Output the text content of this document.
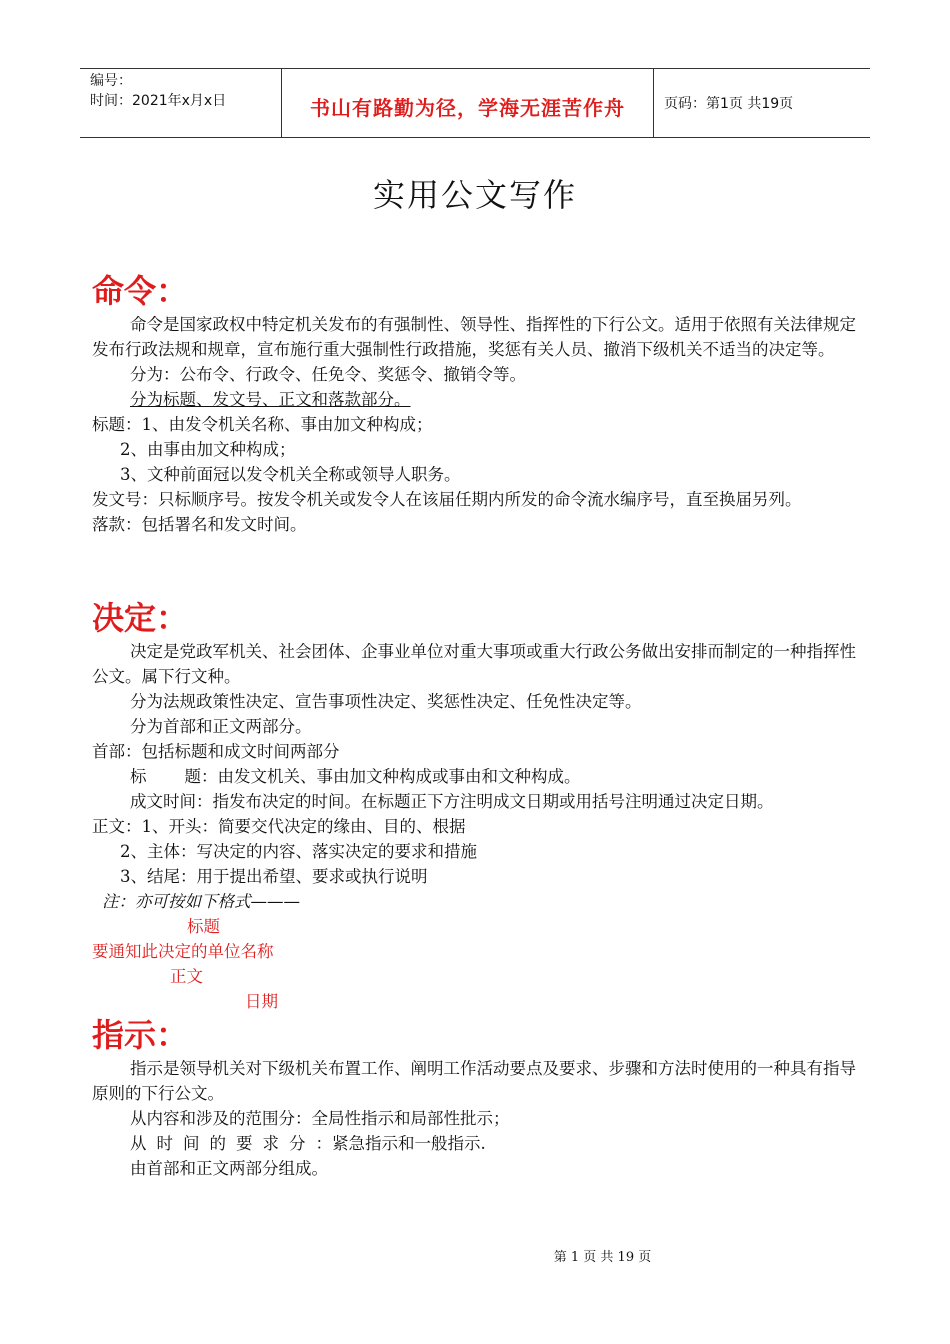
编号：
时间：2021年x月x日	书山有路勤为径，学海无涯苦作舟	页码：第1页 共19页
实用公文写作
命令：

命令是国家政权中特定机关发布的有强制性、领导性、指挥性的下行公文。适用于依照有关法律规定发布行政法规和规章，宣布施行重大强制性行政措施，奖惩有关人员、撤消下级机关不适当的决定等。

分为：公布令、行政令、任免令、奖惩令、撤销令等。

分为标题、发文号、正文和落款部分。

标题：1、由发令机关名称、事由加文种构成；

2、由事由加文种构成；

3、文种前面冠以发令机关全称或领导人职务。

发文号：只标顺序号。按发令机关或发令人在该届任期内所发的命令流水编序号，直至换届另列。

落款：包括署名和发文时间。

决定：

决定是党政军机关、社会团体、企事业单位对重大事项或重大行政公务做出安排而制定的一种指挥性公文。属下行文种。

分为法规政策性决定、宣告事项性决定、奖惩性决定、任免性决定等。

分为首部和正文两部分。

首部：包括标题和成文时间两部分

标 题：由发文机关、事由加文种构成或事由和文种构成。

成文时间：指发布决定的时间。在标题正下方注明成文日期或用括号注明通过决定日期。

正文：1、开头：简要交代决定的缘由、目的、根据

2、主体：写决定的内容、落实决定的要求和措施

3、结尾：用于提出希望、要求或执行说明

注：亦可按如下格式———

标题

要通知此决定的单位名称

正文

日期

指示：

指示是领导机关对下级机关布置工作、阐明工作活动要点及要求、步骤和方法时使用的一种具有指导原则的下行公文。

从内容和涉及的范围分：全局性指示和局部性批示；

从时间的要求分：紧急指示和一般指示.

由首部和正文两部分组成。

第 1 页 共 19 页
